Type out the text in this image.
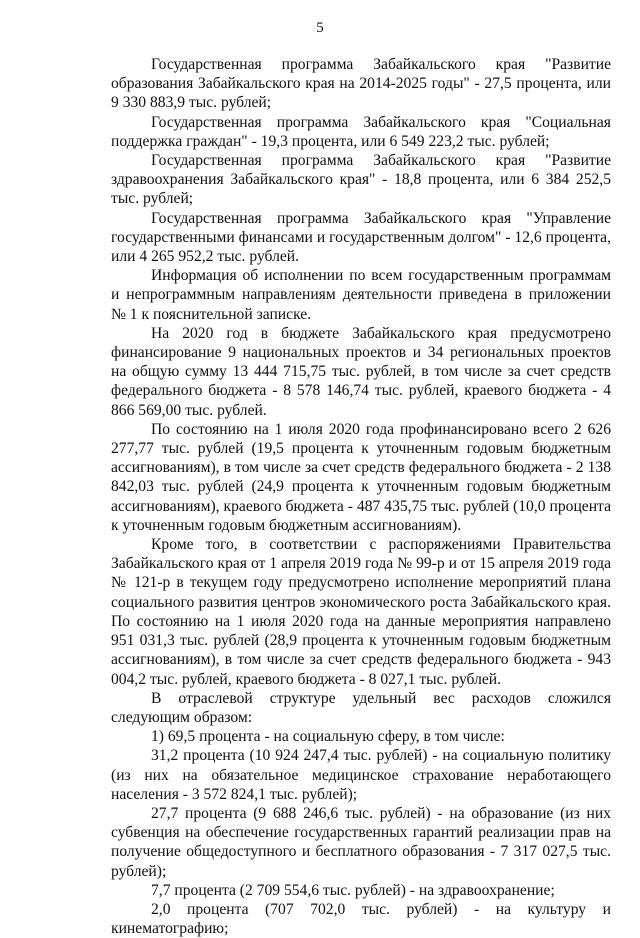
5

Государственная программа Забайкальского края "Развитие образования Забайкальского края на 2014-2025 годы" - 27,5 процента, или 9 330 883,9 тыс. рублей;

Государственная программа Забайкальского края "Социальная поддержка граждан" - 19,3 процента, или 6 549 223,2 тыс. рублей;

Государственная программа Забайкальского края "Развитие здравоохранения Забайкальского края" - 18,8 процента, или 6 384 252,5 тыс. рублей;

Государственная программа Забайкальского края "Управление государственными финансами и государственным долгом" - 12,6 процента, или 4 265 952,2 тыс. рублей.

Информация об исполнении по всем государственным программам и непрограммным направлениям деятельности приведена в приложении № 1 к пояснительной записке.

На 2020 год в бюджете Забайкальского края предусмотрено финансирование 9 национальных проектов и 34 региональных проектов на общую сумму 13 444 715,75 тыс. рублей, в том числе за счет средств федерального бюджета - 8 578 146,74 тыс. рублей, краевого бюджета - 4 866 569,00 тыс. рублей.

По состоянию на 1 июля 2020 года профинансировано всего 2 626 277,77 тыс. рублей (19,5 процента к уточненным годовым бюджетным ассигнованиям), в том числе за счет средств федерального бюджета - 2 138 842,03 тыс. рублей (24,9 процента к уточненным годовым бюджетным ассигнованиям), краевого бюджета - 487 435,75 тыс. рублей (10,0 процента к уточненным годовым бюджетным ассигнованиям).

Кроме того, в соответствии с распоряжениями Правительства Забайкальского края от 1 апреля 2019 года № 99-р и от 15 апреля 2019 года № 121-р в текущем году предусмотрено исполнение мероприятий плана социального развития центров экономического роста Забайкальского края. По состоянию на 1 июля 2020 года на данные мероприятия направлено 951 031,3 тыс. рублей (28,9 процента к уточненным годовым бюджетным ассигнованиям), в том числе за счет средств федерального бюджета - 943 004,2 тыс. рублей, краевого бюджета - 8 027,1 тыс. рублей.

В отраслевой структуре удельный вес расходов сложился следующим образом:

1) 69,5 процента - на социальную сферу, в том числе:

31,2 процента (10 924 247,4 тыс. рублей) - на социальную политику (из них на обязательное медицинское страхование неработающего населения - 3 572 824,1 тыс. рублей);

27,7 процента (9 688 246,6 тыс. рублей) - на образование (из них субвенция на обеспечение государственных гарантий реализации прав на получение общедоступного и бесплатного образования - 7 317 027,5 тыс. рублей);

7,7 процента (2 709 554,6 тыс. рублей) - на здравоохранение;

2,0 процента (707 702,0 тыс. рублей) - на культуру и кинематографию;
